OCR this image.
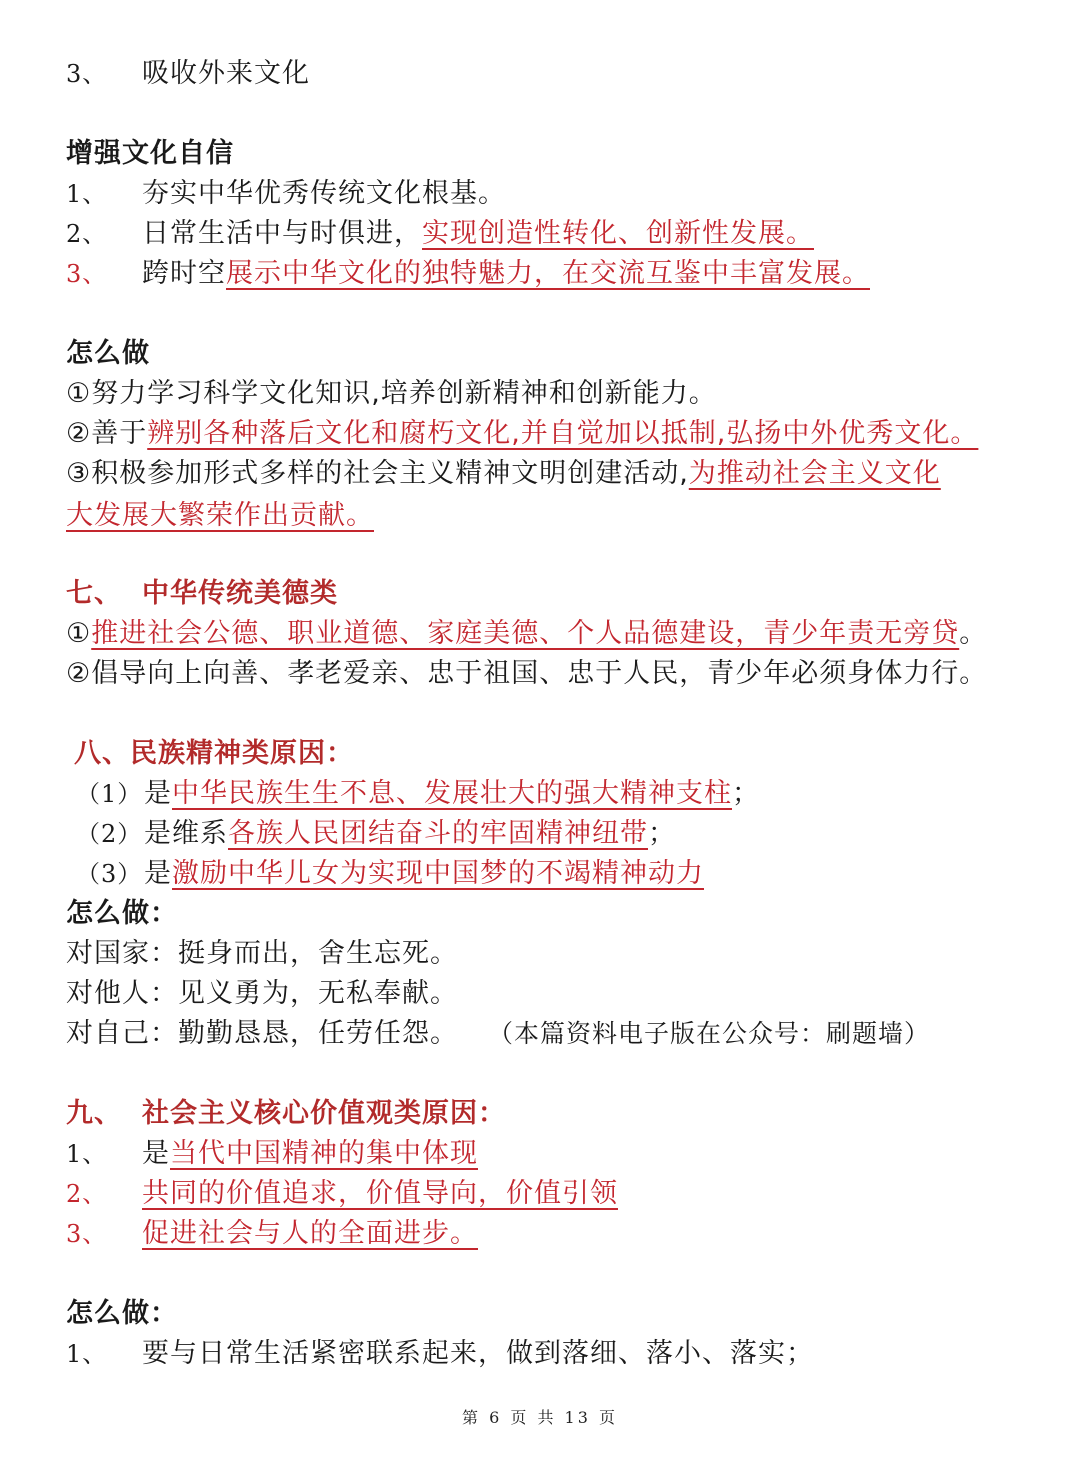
3、 吸收外来文化
增强文化自信
1、 夯实中华优秀传统文化根基。
2、 日常生活中与时俱进，实现创造性转化、创新性发展。
3、 跨时空展示中华文化的独特魅力，在交流互鉴中丰富发展。
怎么做
①努力学习科学文化知识,培养创新精神和创新能力。
②善于辨别各种落后文化和腐朽文化,并自觉加以抵制,弘扬中外优秀文化。
③积极参加形式多样的社会主义精神文明创建活动,为推动社会主义文化
大发展大繁荣作出贡献。
七、 中华传统美德类
①推进社会公德、职业道德、家庭美德、个人品德建设，青少年责无旁贷。
②倡导向上向善、孝老爱亲、忠于祖国、忠于人民，青少年必须身体力行。
八、民族精神类原因：
（1）是中华民族生生不息、发展壮大的强大精神支柱；
（2）是维系各族人民团结奋斗的牢固精神纽带；
（3）是激励中华儿女为实现中国梦的不竭精神动力
怎么做：
对国家：挺身而出，舍生忘死。
对他人：见义勇为，无私奉献。
对自己：勤勤恳恳，任劳任怨。 （本篇资料电子版在公众号：刷题墙）
九、 社会主义核心价值观类原因：
1、 是当代中国精神的集中体现
2、 共同的价值追求，价值导向，价值引领
3、 促进社会与人的全面进步。
怎么做：
1、 要与日常生活紧密联系起来，做到落细、落小、落实；
第 6 页 共 13 页
